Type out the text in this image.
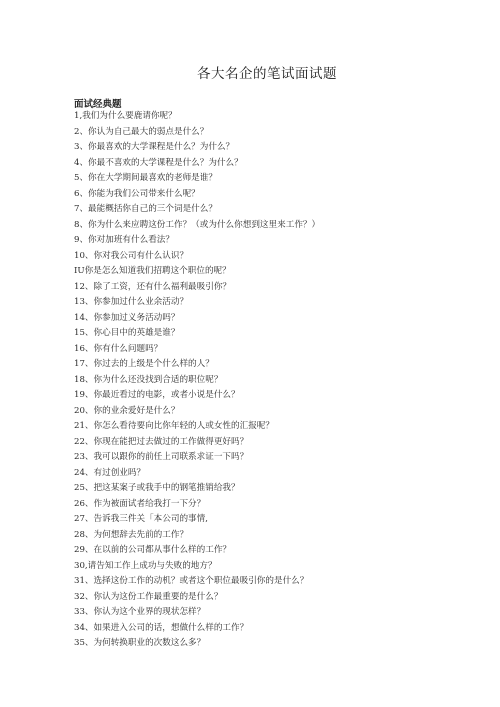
各大名企的笔试面试题
面试经典题
1,我们为什么要鹿请你呢？
2、你认为自己最大的弱点是什么？
3、你最喜欢的大学课程是什么？为什么？
4、你最不喜欢的大学课程是什么？为什么？
5、你在大学期间最喜欢的老师是谁？
6、你能为我们公司带来什么呢？
7、最能概括你自己的三个词是什么？
8、你为什么来应聘这份工作？（或为什么你想到这里来工作？）
9、你对加班有什么看法？
10、你对我公司有什么认识？
IU你是怎么知道我们招聘这个职位的呢？
12、除了工资，还有什么福利最吸引你？
13、你参加过什么业余活动？
14、你参加过义务活动吗？
15、你心目中的英雄是谁？
16、你有什么问题吗？
17、你过去的上级是个什么样的人？
18、你为什么还没找到合适的职位呢？
19、你最近看过的电影，或者小说是什么？
20、你的业余爱好是什么？
21、你怎么看待要向比你年轻的人或女性的汇报呢？
22、你现在能把过去做过的工作做得更好吗？
23、我可以跟你的前任上司联系求证一下吗？
24、有过创业吗？
25、把这某案子或我手中的钢笔推销给我？
26、作为被面试者给我打一下分？
27、告诉我三件关「本公司的事情,
28、为何想辞去先前的工作？
29、在以前的公司都从事什么样的工作？
30,请告知工作上成功与失败的地方？
31、选择这份工作的动机？或者这个职位最吸引你的是什么？
32、你认为这份工作最重要的是什么？
33、你认为这个业界的现状怎样？
34、如果进入公司的话，想做什么样的工作？
35、为何转换职业的次数这么多？
